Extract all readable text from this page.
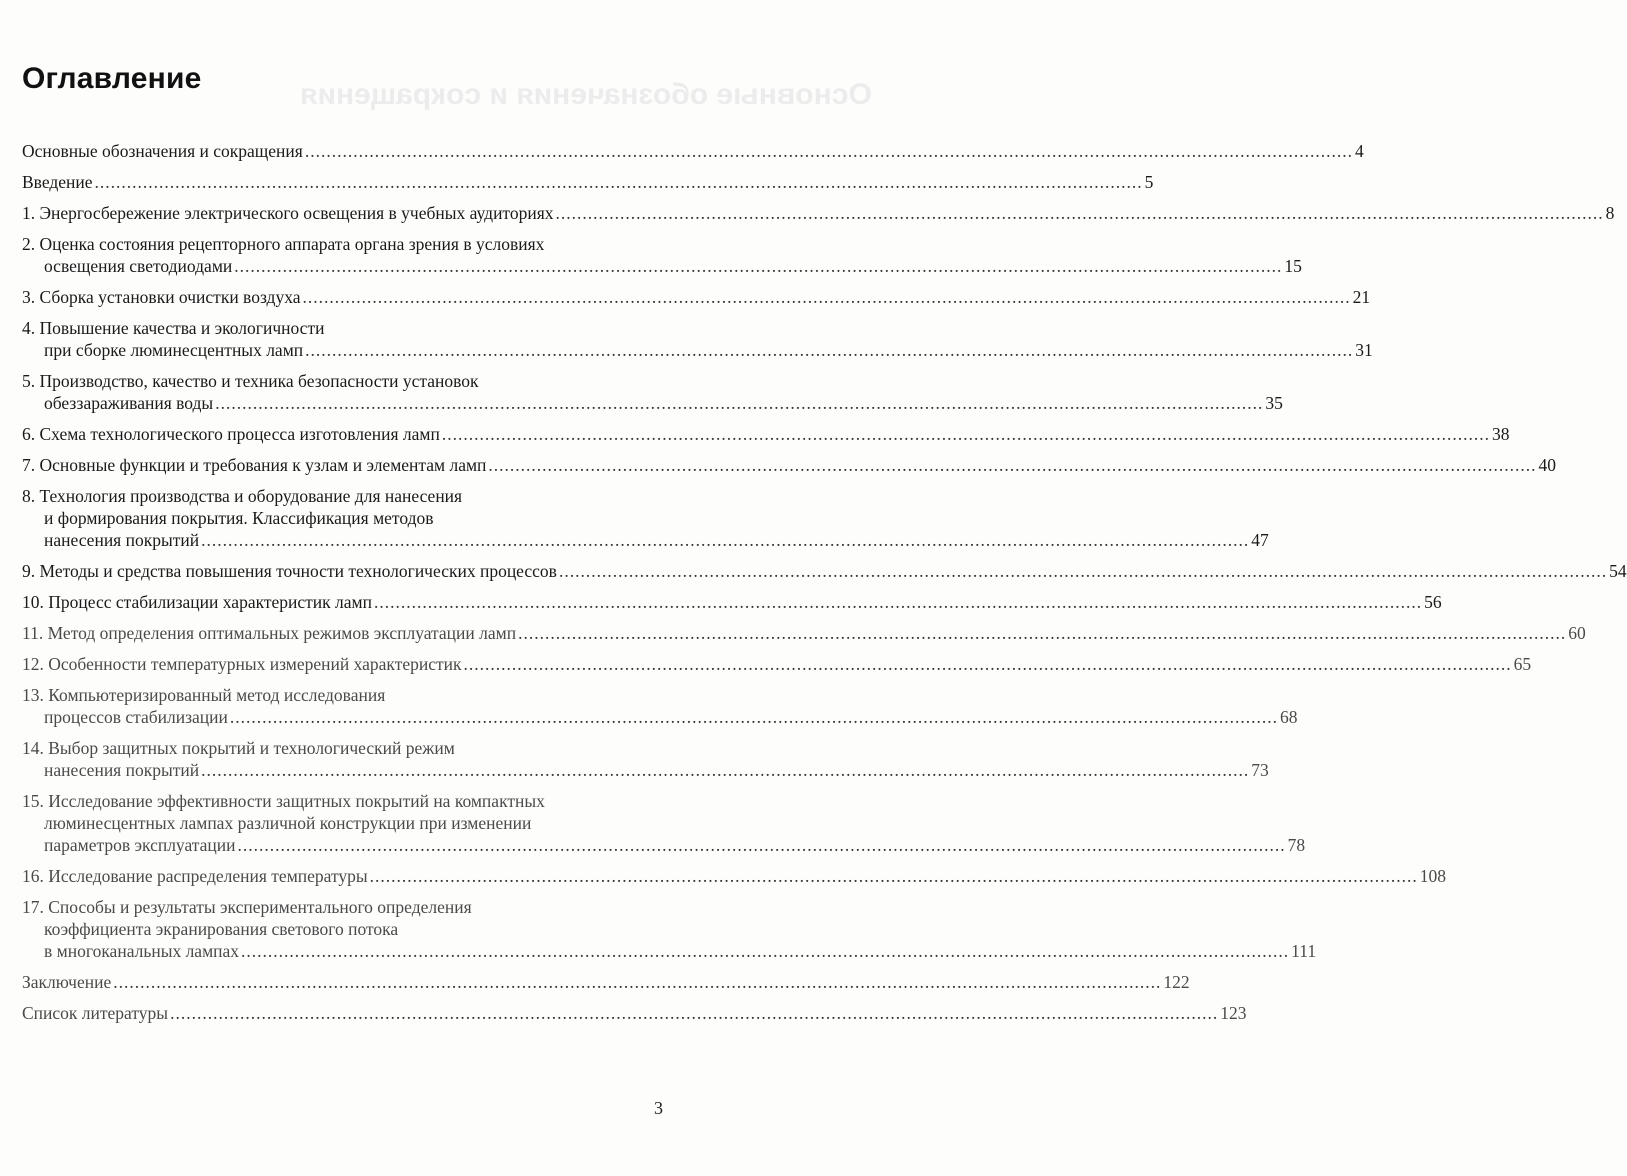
Основные обозначения и сокращения
Оглавление
Основные обозначения и сокращения .....	4
Введение .....	5
1. Энергосбережение электрического освещения в учебных аудиториях .....	8
2. Оценка состояния рецепторного аппарата органа зрения в условиях
освещения светодиодами .....	15
3. Сборка установки очистки воздуха .....	21
4. Повышение качества и экологичности
при сборке люминесцентных ламп .....	31
5. Производство, качество и техника безопасности установок
обеззараживания воды .....	35
6. Схема технологического процесса изготовления ламп .....	38
7. Основные функции и требования к узлам и элементам ламп .....	40
8. Технология производства и оборудование для нанесения
и формирования покрытия. Классификация методов
нанесения покрытий .....	47
9. Методы и средства повышения точности технологических процессов .....	54
10. Процесс стабилизации характеристик ламп .....	56
11. Метод определения оптимальных режимов эксплуатации ламп .....	60
12. Особенности температурных измерений характеристик .....	65
13. Компьютеризированный метод исследования
процессов стабилизации .....	68
14. Выбор защитных покрытий и технологический режим
нанесения покрытий .....	73
15. Исследование эффективности защитных покрытий на компактных
люминесцентных лампах различной конструкции при изменении
параметров эксплуатации .....	78
16. Исследование распределения температуры .....	108
17. Способы и результаты экспериментального определения
коэффициента экранирования светового потока
в многоканальных лампах .....	111
Заключение .....	122
Список литературы .....	123
3
